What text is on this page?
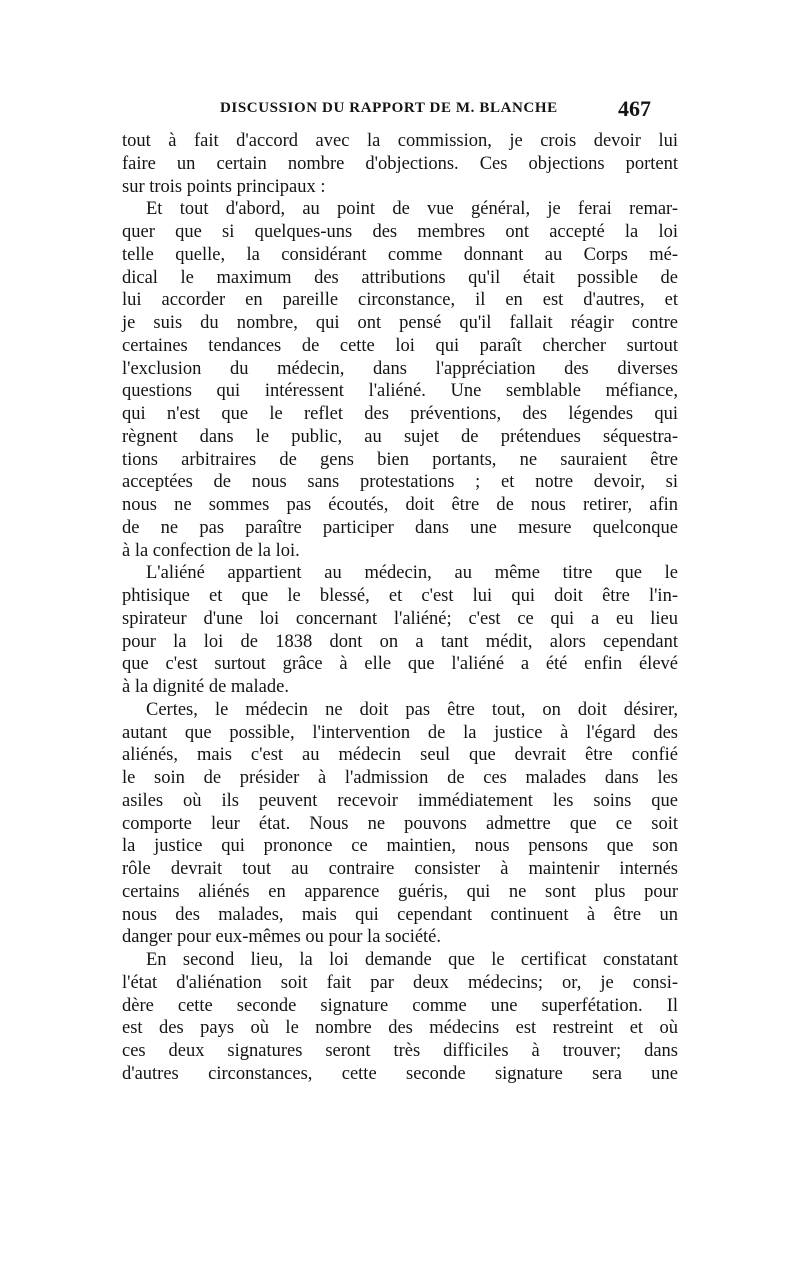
DISCUSSION DU RAPPORT DE M. BLANCHE	467
tout à fait d'accord avec la commission, je crois devoir lui
faire un certain nombre d'objections. Ces objections portent
sur trois points principaux :
Et tout d'abord, au point de vue général, je ferai remar-
quer que si quelques-uns des membres ont accepté la loi
telle quelle, la considérant comme donnant au Corps mé-
dical le maximum des attributions qu'il était possible de
lui accorder en pareille circonstance, il en est d'autres, et
je suis du nombre, qui ont pensé qu'il fallait réagir contre
certaines tendances de cette loi qui paraît chercher surtout
l'exclusion du médecin, dans l'appréciation des diverses
questions qui intéressent l'aliéné. Une semblable méfiance,
qui n'est que le reflet des préventions, des légendes qui
règnent dans le public, au sujet de prétendues séquestra-
tions arbitraires de gens bien portants, ne sauraient être
acceptées de nous sans protestations ; et notre devoir, si
nous ne sommes pas écoutés, doit être de nous retirer, afin
de ne pas paraître participer dans une mesure quelconque
à la confection de la loi.
L'aliéné appartient au médecin, au même titre que le
phtisique et que le blessé, et c'est lui qui doit être l'in-
spirateur d'une loi concernant l'aliéné; c'est ce qui a eu lieu
pour la loi de 1838 dont on a tant médit, alors cependant
que c'est surtout grâce à elle que l'aliéné a été enfin élevé
à la dignité de malade.
Certes, le médecin ne doit pas être tout, on doit désirer,
autant que possible, l'intervention de la justice à l'égard des
aliénés, mais c'est au médecin seul que devrait être confié
le soin de présider à l'admission de ces malades dans les
asiles où ils peuvent recevoir immédiatement les soins que
comporte leur état. Nous ne pouvons admettre que ce soit
la justice qui prononce ce maintien, nous pensons que son
rôle devrait tout au contraire consister à maintenir internés
certains aliénés en apparence guéris, qui ne sont plus pour
nous des malades, mais qui cependant continuent à être un
danger pour eux-mêmes ou pour la société.
En second lieu, la loi demande que le certificat constatant
l'état d'aliénation soit fait par deux médecins; or, je consi-
dère cette seconde signature comme une superfétation. Il
est des pays où le nombre des médecins est restreint et où
ces deux signatures seront très difficiles à trouver; dans
d'autres circonstances, cette seconde signature sera une
